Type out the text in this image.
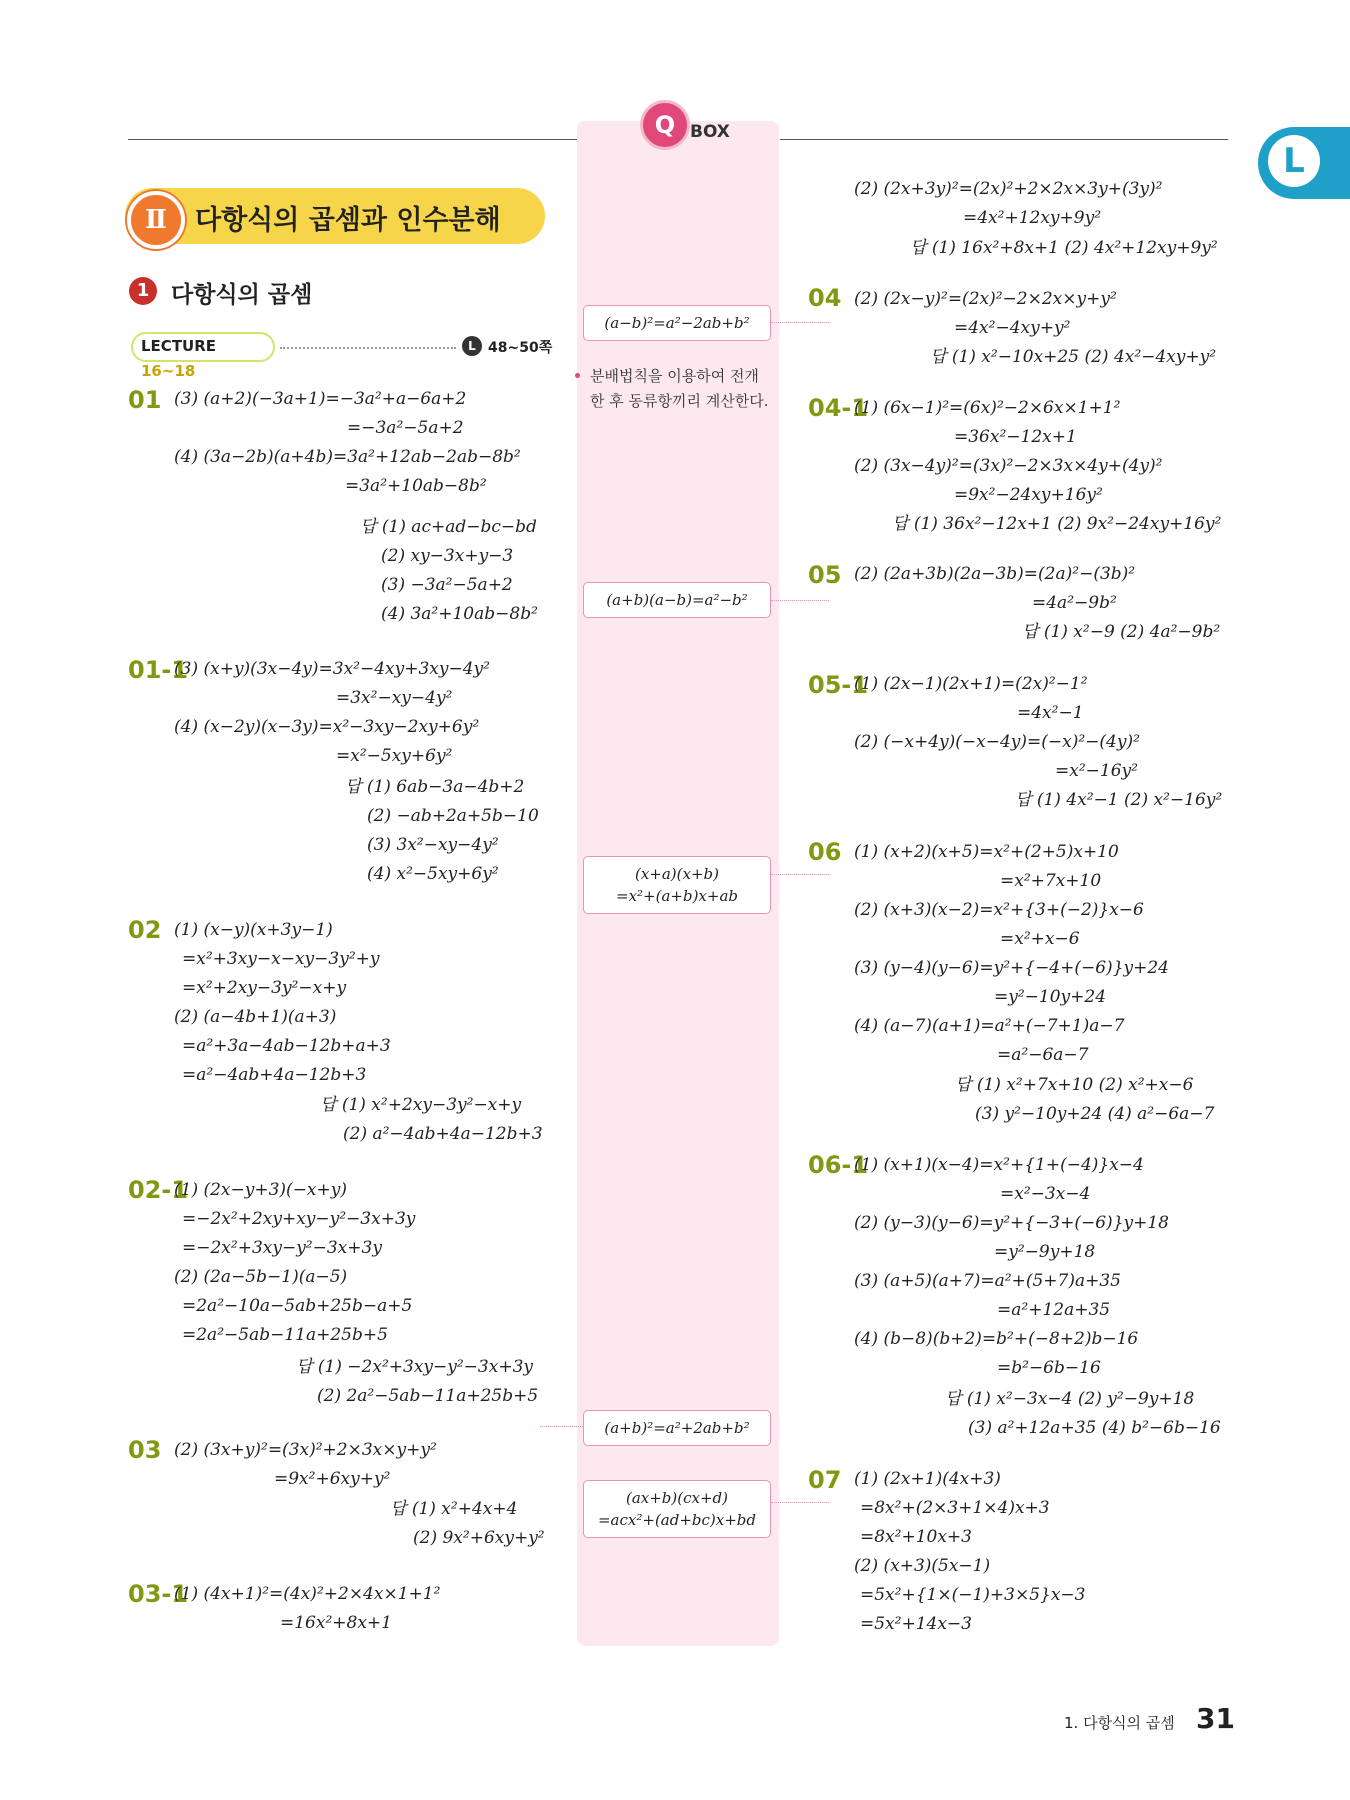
L
Q BOX
(a−b)²=a²−2ab+b²
(a+b)(a−b)=a²−b²
(x+a)(x+b)
=x²+(a+b)x+ab
(a+b)²=a²+2ab+b²
(ax+b)(cx+d)
=acx²+(ad+bc)x+bd
분배법칙을 이용하여 전개 한 후 동류항끼리 계산한다.
Ⅱ	다항식의 곱셈과 인수분해
1 다항식의 곱셈
LECTURE 16~18
L 48~50쪽
01 (3) (a+2)(−3a+1)=−3a²+a−6a+2
=−3a²−5a+2
(4) (3a−2b)(a+4b)=3a²+12ab−2ab−8b²
=3a²+10ab−8b²
답 (1) ac+ad−bc−bd
(2) xy−3x+y−3
(3) −3a²−5a+2
(4) 3a²+10ab−8b²
01-1
(3) (x+y)(3x−4y)=3x²−4xy+3xy−4y²
=3x²−xy−4y²
(4) (x−2y)(x−3y)=x²−3xy−2xy+6y²
=x²−5xy+6y²
답 (1) 6ab−3a−4b+2
(2) −ab+2a+5b−10
(3) 3x²−xy−4y²
(4) x²−5xy+6y²
02 (1) (x−y)(x+3y−1)
=x²+3xy−x−xy−3y²+y
=x²+2xy−3y²−x+y
(2) (a−4b+1)(a+3)
=a²+3a−4ab−12b+a+3
=a²−4ab+4a−12b+3
답 (1) x²+2xy−3y²−x+y
(2) a²−4ab+4a−12b+3
02-1
(1) (2x−y+3)(−x+y)
=−2x²+2xy+xy−y²−3x+3y
=−2x²+3xy−y²−3x+3y
(2) (2a−5b−1)(a−5)
=2a²−10a−5ab+25b−a+5
=2a²−5ab−11a+25b+5
답 (1) −2x²+3xy−y²−3x+3y
(2) 2a²−5ab−11a+25b+5
03 (2) (3x+y)²=(3x)²+2×3x×y+y²
=9x²+6xy+y²
답 (1) x²+4x+4
(2) 9x²+6xy+y²
03-1
(1) (4x+1)²=(4x)²+2×4x×1+1²
=16x²+8x+1
(2) (2x+3y)²=(2x)²+2×2x×3y+(3y)²
=4x²+12xy+9y²
답 (1) 16x²+8x+1 (2) 4x²+12xy+9y²
04 (2) (2x−y)²=(2x)²−2×2x×y+y²
=4x²−4xy+y²
답 (1) x²−10x+25 (2) 4x²−4xy+y²
04-1
(1) (6x−1)²=(6x)²−2×6x×1+1²
=36x²−12x+1
(2) (3x−4y)²=(3x)²−2×3x×4y+(4y)²
=9x²−24xy+16y²
답 (1) 36x²−12x+1 (2) 9x²−24xy+16y²
05 (2) (2a+3b)(2a−3b)=(2a)²−(3b)²
=4a²−9b²
답 (1) x²−9 (2) 4a²−9b²
05-1
(1) (2x−1)(2x+1)=(2x)²−1²
=4x²−1
(2) (−x+4y)(−x−4y)=(−x)²−(4y)²
=x²−16y²
답 (1) 4x²−1 (2) x²−16y²
06 (1) (x+2)(x+5)=x²+(2+5)x+10
=x²+7x+10
(2) (x+3)(x−2)=x²+{3+(−2)}x−6
=x²+x−6
(3) (y−4)(y−6)=y²+{−4+(−6)}y+24
=y²−10y+24
(4) (a−7)(a+1)=a²+(−7+1)a−7
=a²−6a−7
답 (1) x²+7x+10 (2) x²+x−6
(3) y²−10y+24 (4) a²−6a−7
06-1
(1) (x+1)(x−4)=x²+{1+(−4)}x−4
=x²−3x−4
(2) (y−3)(y−6)=y²+{−3+(−6)}y+18
=y²−9y+18
(3) (a+5)(a+7)=a²+(5+7)a+35
=a²+12a+35
(4) (b−8)(b+2)=b²+(−8+2)b−16
=b²−6b−16
답 (1) x²−3x−4 (2) y²−9y+18
(3) a²+12a+35 (4) b²−6b−16
07 (1) (2x+1)(4x+3)
=8x²+(2×3+1×4)x+3
=8x²+10x+3
(2) (x+3)(5x−1)
=5x²+{1×(−1)+3×5}x−3
=5x²+14x−3
1. 다항식의 곱셈 31
